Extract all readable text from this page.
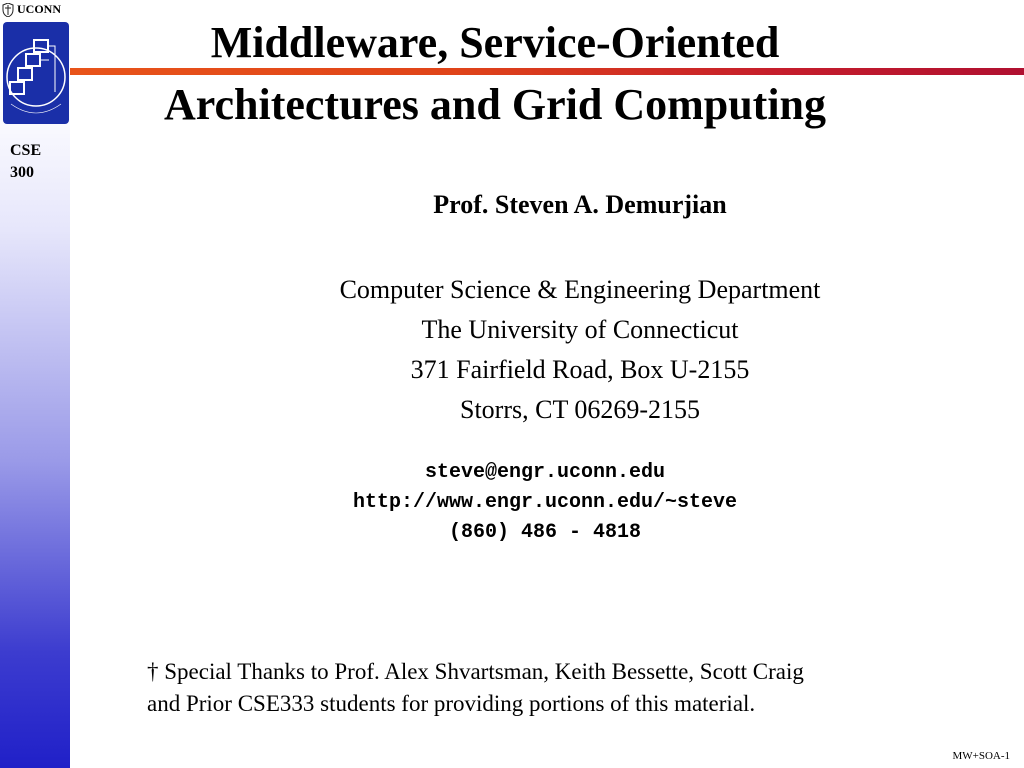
UCONN
CSE
300
Middleware, Service-Oriented
Architectures and Grid Computing
Prof. Steven A. Demurjian
Computer Science & Engineering Department
The University of Connecticut
371 Fairfield Road, Box U-2155
Storrs, CT 06269-2155
steve@engr.uconn.edu
http://www.engr.uconn.edu/~steve
(860) 486 - 4818
† Special Thanks to Prof. Alex Shvartsman, Keith Bessette, Scott Craig
and Prior CSE333 students for providing portions of this material.
MW+SOA-1
